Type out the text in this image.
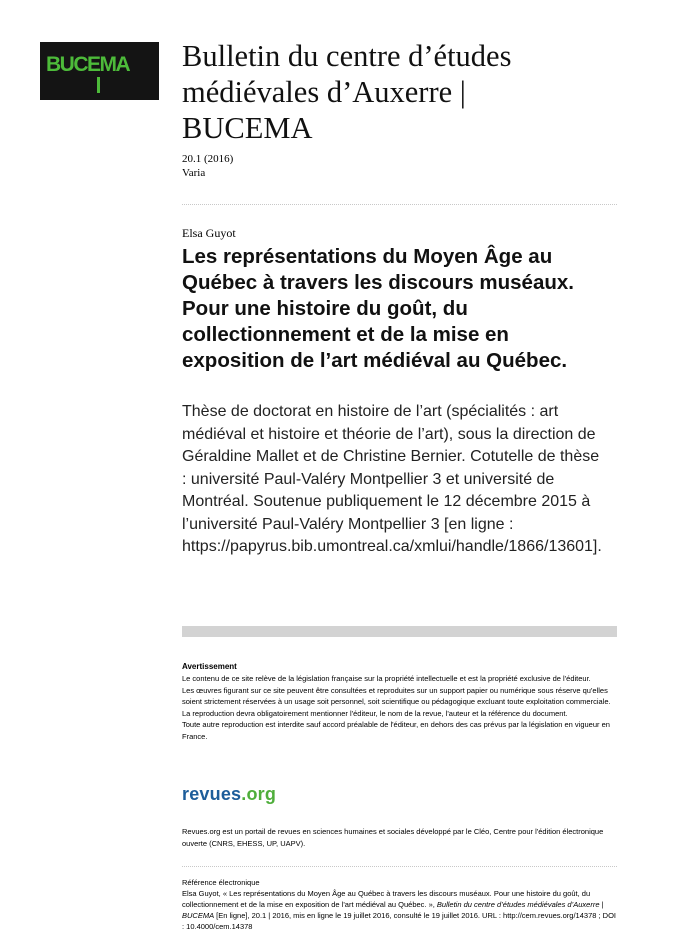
BUCEMA Bulletin du centre d’études médiévales d’Auxerre | BUCEMA
20.1 (2016)
Varia
Elsa Guyot
Les représentations du Moyen Âge au Québec à travers les discours muséaux. Pour une histoire du goût, du collectionnement et de la mise en exposition de l’art médiéval au Québec.
Thèse de doctorat en histoire de l’art (spécialités : art médiéval et histoire et théorie de l’art), sous la direction de Géraldine Mallet et de Christine Bernier. Cotutelle de thèse : université Paul-Valéry Montpellier 3 et université de Montréal. Soutenue publiquement le 12 décembre 2015 à l’université Paul-Valéry Montpellier 3 [en ligne : https://papyrus.bib.umontreal.ca/xmlui/handle/1866/13601].
Avertissement

Le contenu de ce site relève de la législation française sur la propriété intellectuelle et est la propriété exclusive de l'éditeur.

Les œuvres figurant sur ce site peuvent être consultées et reproduites sur un support papier ou numérique sous réserve qu'elles soient strictement réservées à un usage soit personnel, soit scientifique ou pédagogique excluant toute exploitation commerciale. La reproduction devra obligatoirement mentionner l'éditeur, le nom de la revue, l'auteur et la référence du document.

Toute autre reproduction est interdite sauf accord préalable de l'éditeur, en dehors des cas prévus par la législation en vigueur en France.

revues.org
Revues.org est un portail de revues en sciences humaines et sociales développé par le Cléo, Centre pour l'édition électronique ouverte (CNRS, EHESS, UP, UAPV).
Référence électronique
Elsa Guyot, « Les représentations du Moyen Âge au Québec à travers les discours muséaux. Pour une histoire du goût, du collectionnement et de la mise en exposition de l'art médiéval au Québec. », Bulletin du centre d’études médiévales d’Auxerre | BUCEMA [En ligne], 20.1 | 2016, mis en ligne le 19 juillet 2016, consulté le 19 juillet 2016. URL : http://cem.revues.org/14378 ; DOI : 10.4000/cem.14378
